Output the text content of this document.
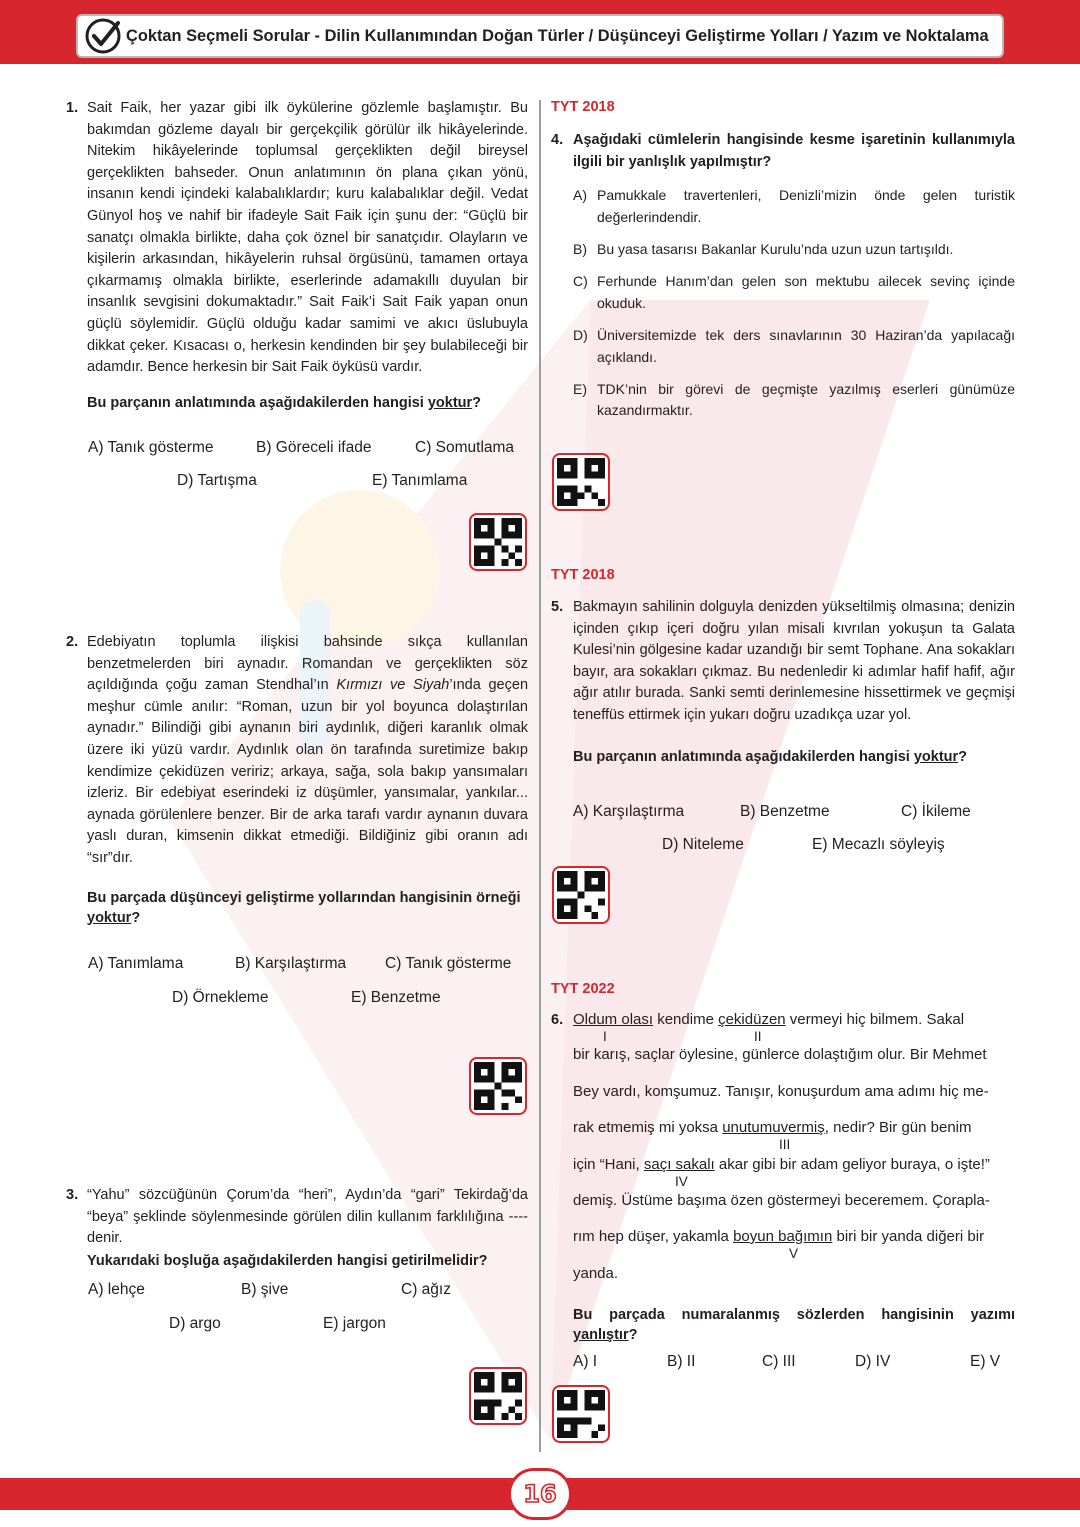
Çoktan Seçmeli Sorular - Dilin Kullanımından Doğan Türler / Düşünceyi Geliştirme Yolları / Yazım ve Noktalama
1. Sait Faik, her yazar gibi ilk öykülerine gözlemle başlamıştır. Bu bakımdan gözleme dayalı bir gerçekçilik görülür ilk hikâyelerinde. Nitekim hikâyelerinde toplumsal gerçeklikten değil bireysel gerçeklikten bahseder. Onun anlatımının ön plana çıkan yönü, insanın kendi içindeki kalabalıklardır; kuru kalabalıklar değil. Vedat Günyol hoş ve nahif bir ifadeyle Sait Faik için şunu der: “Güçlü bir sanatçı olmakla birlikte, daha çok öznel bir sanatçıdır. Olayların ve kişilerin arkasından, hikâyelerin ruhsal örgüsünü, tamamen ortaya çıkarmamış olmakla birlikte, eserlerinde adamakıllı duyulan bir insanlık sevgisini dokumaktadır.” Sait Faik’i Sait Faik yapan onun güçlü söylemidir. Güçlü olduğu kadar samimi ve akıcı üslubuyla dikkat çeker. Kısacası o, herkesin kendinden bir şey bulabileceği bir adamdır. Bence herkesin bir Sait Faik öyküsü vardır.
Bu parçanın anlatımında aşağıdakilerden hangisi yoktur?
A) Tanık gösterme	B) Göreceli ifade	C) Somutlama
D) Tartışma	E) Tanımlama
2. Edebiyatın toplumla ilişkisi bahsinde sıkça kullanılan benzetmelerden biri aynadır. Romandan ve gerçeklikten söz açıldığında çoğu zaman Stendhal’ın Kırmızı ve Siyah’ında geçen meşhur cümle anılır: “Roman, uzun bir yol boyunca dolaştırılan aynadır.” Bilindiği gibi aynanın biri aydınlık, diğeri karanlık olmak üzere iki yüzü vardır. Aydınlık olan ön tarafında suretimize bakıp kendimize çekidüzen veririz; arkaya, sağa, sola bakıp yansımaları izleriz. Bir edebiyat eserindeki iz düşümler, yansımalar, yankılar... aynada görülenlere benzer. Bir de arka tarafı vardır aynanın duvara yaslı duran, kimsenin dikkat etmediği. Bildiğiniz gibi oranın adı “sır”dır.
Bu parçada düşünceyi geliştirme yollarından hangisinin örneği yoktur?
A) Tanımlama	B) Karşılaştırma	C) Tanık gösterme
D) Örnekleme	E) Benzetme
3. “Yahu” sözcüğünün Çorum’da “heri”, Aydın’da “gari” Tekirdağ’da “beya” şeklinde söylenmesinde görülen dilin kullanım farklılığına ---- denir.
Yukarıdaki boşluğa aşağıdakilerden hangisi getirilmelidir?
A) lehçe	B) şive	C) ağız
D) argo	E) jargon
TYT 2018
4. Aşağıdaki cümlelerin hangisinde kesme işaretinin kullanımıyla ilgili bir yanlışlık yapılmıştır?
A) Pamukkale travertenleri, Denizli’mizin önde gelen turistik değerlerindendir.
B) Bu yasa tasarısı Bakanlar Kurulu’nda uzun uzun tartışıldı.
C) Ferhunde Hanım’dan gelen son mektubu ailecek sevinç içinde okuduk.
D) Üniversitemizde tek ders sınavlarının 30 Haziran’da yapılacağı açıklandı.
E) TDK’nin bir görevi de geçmişte yazılmış eserleri günümüze kazandırmaktır.
TYT 2018
5. Bakmayın sahilinin dolguyla denizden yükseltilmiş olmasına; denizin içinden çıkıp içeri doğru yılan misali kıvrılan yokuşun ta Galata Kulesi’nin gölgesine kadar uzandığı bir semt Tophane. Ana sokakları bayır, ara sokakları çıkmaz. Bu nedenledir ki adımlar hafif hafif, ağır ağır atılır burada. Sanki semti derinlemesine hissettirmek ve geçmişi teneffüs ettirmek için yukarı doğru uzadıkça uzar yol.
Bu parçanın anlatımında aşağıdakilerden hangisi yoktur?
A) Karşılaştırma	B) Benzetme	C) İkileme
D) Niteleme	E) Mecazlı söyleyiş
TYT 2022
6. Oldum olası kendime çekidüzen vermeyi hiç bilmem. Sakal
I	II
bir karış, saçlar öylesine, günlerce dolaştığım olur. Bir Mehmet
Bey vardı, komşumuz. Tanışır, konuşurdum ama adımı hiç me-
rak etmemiş mi yoksa unutumuvermiş, nedir? Bir gün benim
III
için “Hani, saçı sakalı akar gibi bir adam geliyor buraya, o işte!”
IV
demiş. Üstüme başıma özen göstermeyi beceremem. Çorapla-
rım hep düşer, yakamla boyun bağımın biri bir yanda diğeri bir
V
yanda.
Bu parçada numaralanmış sözlerden hangisinin yazımı yanlıştır?
A) I	B) II	C) III	D) IV	E) V
16
